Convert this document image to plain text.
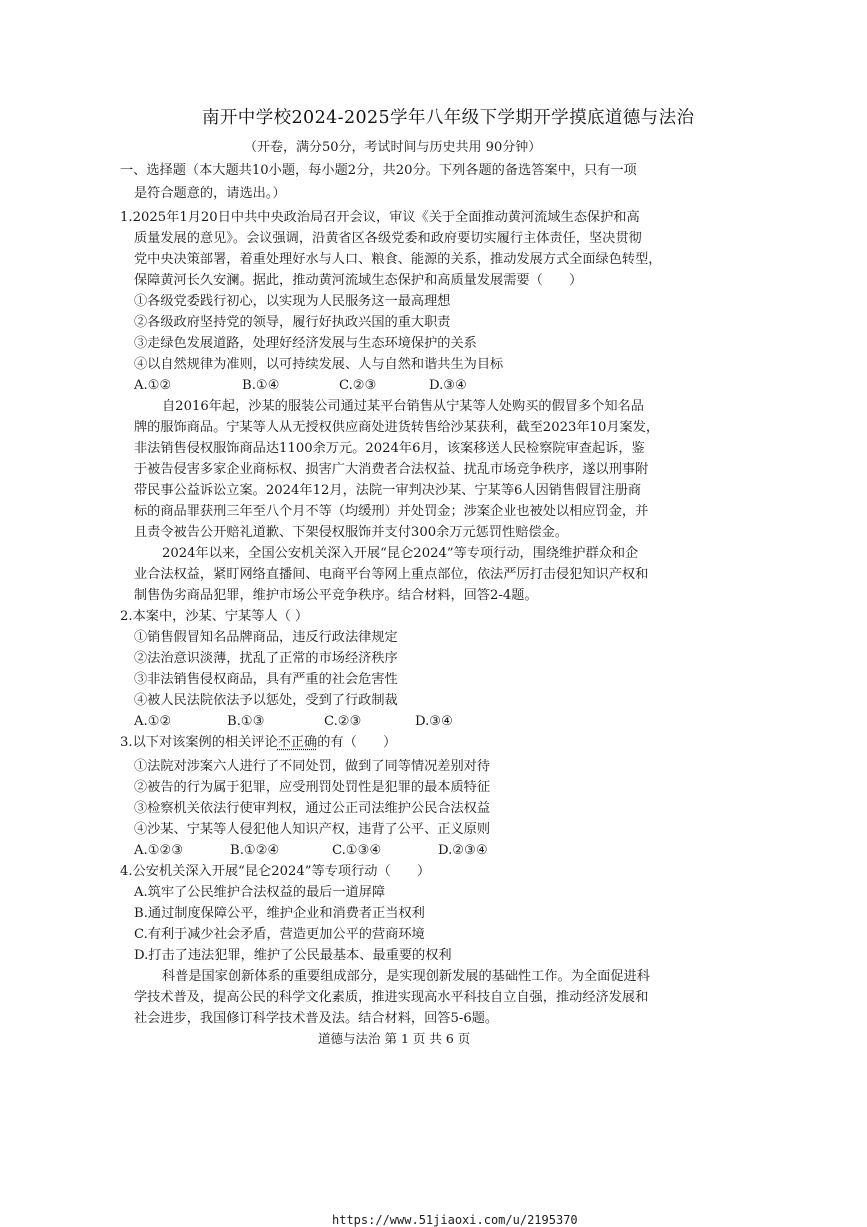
南开中学校2024-2025学年八年级下学期开学摸底道德与法治
（开卷，满分50分，考试时间与历史共用 90分钟）
一、选择题（本大题共10小题，每小题2分，共20分。下列各题的备选答案中，只有一项
是符合题意的，请选出。）
1.2025年1月20日中共中央政治局召开会议，审议《关于全面推动黄河流域生态保护和高
质量发展的意见》。会议强调，沿黄省区各级党委和政府要切实履行主体责任，坚决贯彻
党中央决策部署，着重处理好水与人口、粮食、能源的关系，推动发展方式全面绿色转型，
保障黄河长久安澜。据此，推动黄河流域生态保护和高质量发展需要（　　）
①各级党委践行初心，以实现为人民服务这一最高理想
②各级政府坚持党的领导，履行好执政兴国的重大职责
③走绿色发展道路，处理好经济发展与生态环境保护的关系
④以自然规律为准则，以可持续发展、人与自然和谐共生为目标
A.①②	B.①④	C.②③	D.③④
自2016年起，沙某的服装公司通过某平台销售从宁某等人处购买的假冒多个知名品
牌的服饰商品。宁某等人从无授权供应商处进货转售给沙某获利，截至2023年10月案发，
非法销售侵权服饰商品达1100余万元。2024年6月，该案移送人民检察院审查起诉，鉴
于被告侵害多家企业商标权、损害广大消费者合法权益、扰乱市场竞争秩序，遂以刑事附
带民事公益诉讼立案。2024年12月，法院一审判决沙某、宁某等6人因销售假冒注册商
标的商品罪获刑三年至八个月不等（均缓刑）并处罚金；涉案企业也被处以相应罚金，并
且责令被告公开赔礼道歉、下架侵权服饰并支付300余万元惩罚性赔偿金。
2024年以来，全国公安机关深入开展“昆仑2024”等专项行动，围绕维护群众和企
业合法权益，紧盯网络直播间、电商平台等网上重点部位，依法严厉打击侵犯知识产权和
制售伪劣商品犯罪，维护市场公平竞争秩序。结合材料，回答2-4题。
2.本案中，沙某、宁某等人（ ）
①销售假冒知名品牌商品，违反行政法律规定
②法治意识淡薄，扰乱了正常的市场经济秩序
③非法销售侵权商品，具有严重的社会危害性
④被人民法院依法予以惩处，受到了行政制裁
A.①②	B.①③	C.②③	D.③④
3.以下对该案例的相关评论不正确的有（　　）
①法院对涉案六人进行了不同处罚，做到了同等情况差别对待
②被告的行为属于犯罪，应受刑罚处罚性是犯罪的最本质特征
③检察机关依法行使审判权，通过公正司法维护公民合法权益
④沙某、宁某等人侵犯他人知识产权，违背了公平、正义原则
A.①②③	B.①②④	C.①③④	D.②③④
4.公安机关深入开展“昆仑2024”等专项行动（　　）
A.筑牢了公民维护合法权益的最后一道屏障
B.通过制度保障公平，维护企业和消费者正当权利
C.有利于减少社会矛盾，营造更加公平的营商环境
D.打击了违法犯罪，维护了公民最基本、最重要的权利
科普是国家创新体系的重要组成部分，是实现创新发展的基础性工作。为全面促进科
学技术普及，提高公民的科学文化素质，推进实现高水平科技自立自强，推动经济发展和
社会进步，我国修订科学技术普及法。结合材料，回答5-6题。
道德与法治 第 1 页 共 6 页
https://www.51jiaoxi.com/u/2195370
